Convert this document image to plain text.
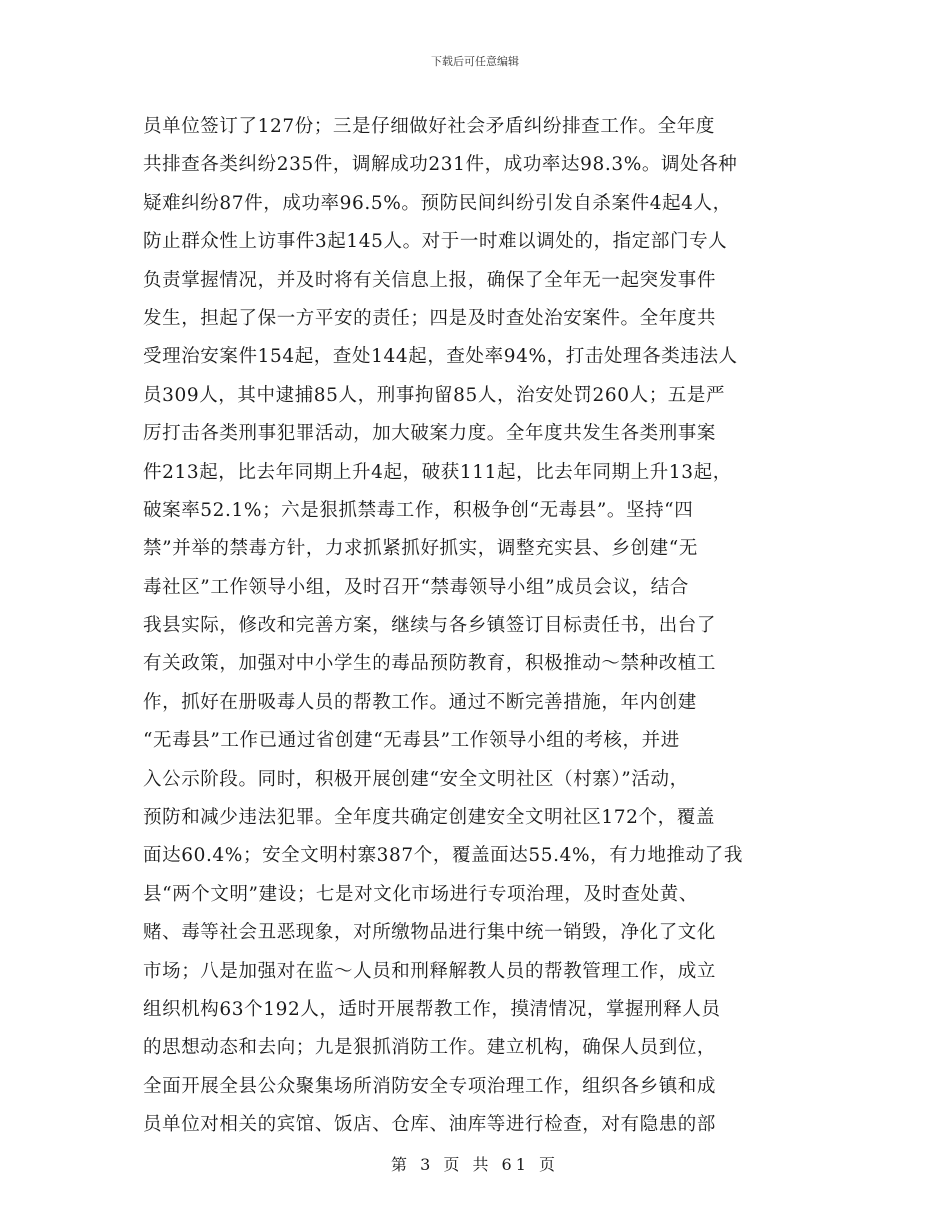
下载后可任意编辑
员单位签订了127份；三是仔细做好社会矛盾纠纷排查工作。全年度
共排查各类纠纷235件，调解成功231件，成功率达98.3%。调处各种
疑难纠纷87件，成功率96.5%。预防民间纠纷引发自杀案件4起4人，
防止群众性上访事件3起145人。对于一时难以调处的，指定部门专人
负责掌握情况，并及时将有关信息上报，确保了全年无一起突发事件
发生，担起了保一方平安的责任；四是及时查处治安案件。全年度共
受理治安案件154起，查处144起，查处率94%，打击处理各类违法人
员309人，其中逮捕85人，刑事拘留85人，治安处罚260人；五是严
厉打击各类刑事犯罪活动，加大破案力度。全年度共发生各类刑事案
件213起，比去年同期上升4起，破获111起，比去年同期上升13起，
破案率52.1%；六是狠抓禁毒工作，积极争创“无毒县”。坚持“四
禁”并举的禁毒方针，力求抓紧抓好抓实，调整充实县、乡创建“无
毒社区”工作领导小组，及时召开“禁毒领导小组”成员会议，结合
我县实际，修改和完善方案，继续与各乡镇签订目标责任书，出台了
有关政策，加强对中小学生的毒品预防教育，积极推动～禁种改植工
作，抓好在册吸毒人员的帮教工作。通过不断完善措施，年内创建
“无毒县”工作已通过省创建“无毒县”工作领导小组的考核，并进
入公示阶段。同时，积极开展创建“安全文明社区（村寨）”活动，
预防和减少违法犯罪。全年度共确定创建安全文明社区172个，覆盖
面达60.4%；安全文明村寨387个，覆盖面达55.4%，有力地推动了我
县“两个文明”建设；七是对文化市场进行专项治理，及时查处黄、
赌、毒等社会丑恶现象，对所缴物品进行集中统一销毁，净化了文化
市场；八是加强对在监～人员和刑释解教人员的帮教管理工作，成立
组织机构63个192人，适时开展帮教工作，摸清情况，掌握刑释人员
的思想动态和去向；九是狠抓消防工作。建立机构，确保人员到位，
全面开展全县公众聚集场所消防安全专项治理工作，组织各乡镇和成
员单位对相关的宾馆、饭店、仓库、油库等进行检查，对有隐患的部
第 3 页 共 61 页
